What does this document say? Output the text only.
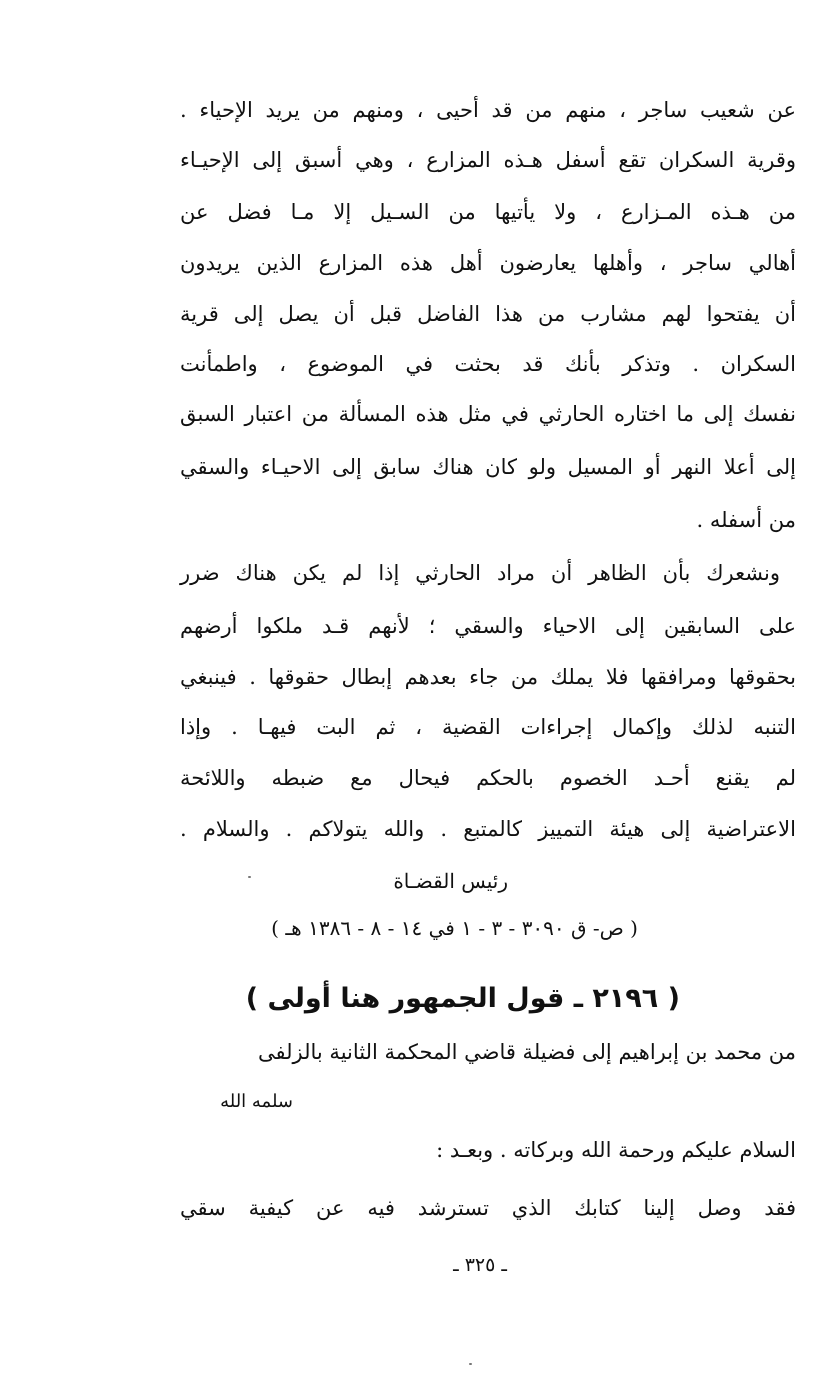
عن شعيب ساجر ، منهم من قد أحيى ، ومنهم من يريد الإحياء .
وقرية السكران تقع أسفل هـذه المزارع ، وهي أسبق إلى الإحيـاء
من هـذه المـزارع ، ولا يأتيها من السـيل إلا مـا فضل عن
أهالي ساجر ، وأهلها يعارضون أهل هذه المزارع الذين يريدون
أن يفتحوا لهم مشارب من هذا الفاضل قبل أن يصل إلى قرية
السكران . وتذكر بأنك قد بحثت في الموضوع ، واطمأنت
نفسك إلى ما اختاره الحارثي في مثل هذه المسألة من اعتبار السبق
إلى أعلا النهر أو المسيل ولو كان هناك سابق إلى الاحيـاء والسقي
من أسفله .
ونشعرك بأن الظاهر أن مراد الحارثي إذا لم يكن هناك ضرر
على السابقين إلى الاحياء والسقي ؛ لأنهم قـد ملكوا أرضهم
بحقوقها ومرافقها فلا يملك من جاء بعدهم إبطال حقوقها . فينبغي
التنبه لذلك وإكمال إجراءات القضية ، ثم البت فيهـا . وإذا
لم يقنع أحـد الخصوم بالحكم فيحال مع ضبطه واللائحة
الاعتراضية إلى هيئة التمييز كالمتبع . والله يتولاكم . والسلام .
رئيس القضـاة
( ص- ق ٣٠٩٠ - ٣ - ١ في ١٤ - ٨ - ١٣٨٦ هـ )
( ٢١٩٦ ـ قول الجمهور هنا أولى )
من محمد بن إبراهيم إلى فضيلة قاضي المحكمة الثانية بالزلفى
سلمه الله
السلام عليكم ورحمة الله وبركاته . وبعـد :
فقد وصل إلينا كتابك الذي تسترشد فيه عن كيفية سقي
ـ ٣٢٥ ـ
